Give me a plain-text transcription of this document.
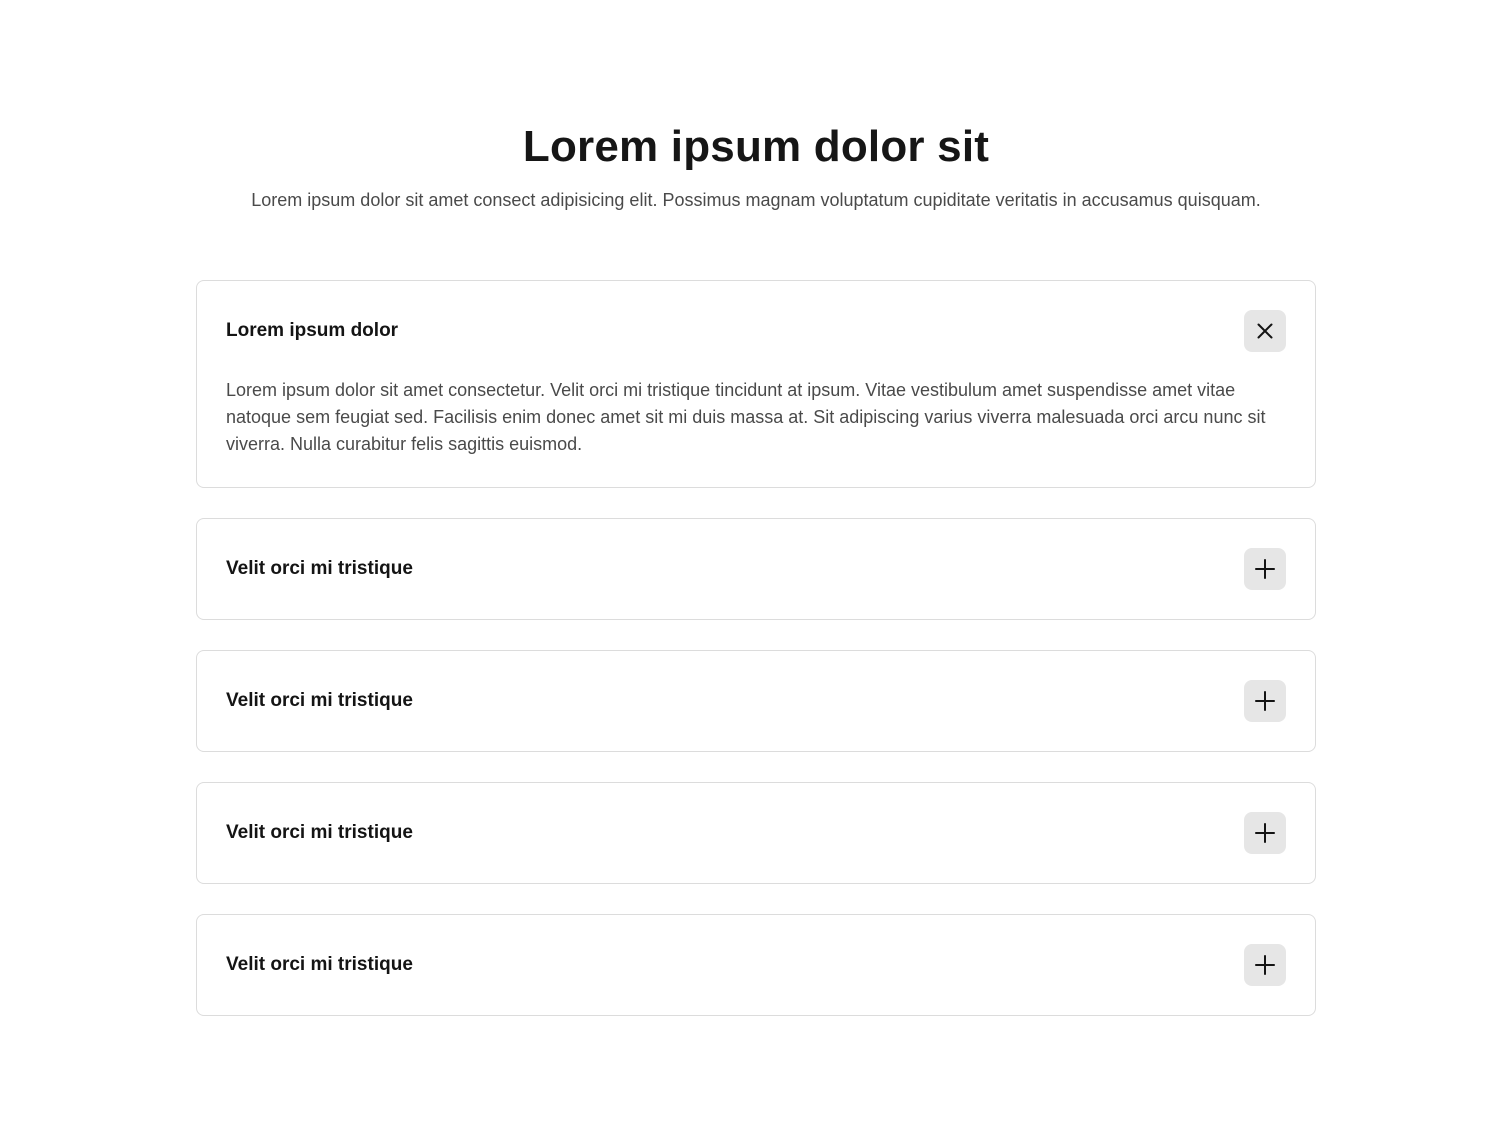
Lorem ipsum dolor sit

Lorem ipsum dolor sit amet consect adipisicing elit. Possimus magnam voluptatum cupiditate veritatis in accusamus quisquam.

Lorem ipsum dolor
Lorem ipsum dolor sit amet consectetur. Velit orci mi tristique tincidunt at ipsum. Vitae vestibulum amet suspendisse amet vitae natoque sem feugiat sed. Facilisis enim donec amet sit mi duis massa at. Sit adipiscing varius viverra malesuada orci arcu nunc sit viverra. Nulla curabitur felis sagittis euismod.
Velit orci mi tristique
Velit orci mi tristique
Velit orci mi tristique
Velit orci mi tristique
